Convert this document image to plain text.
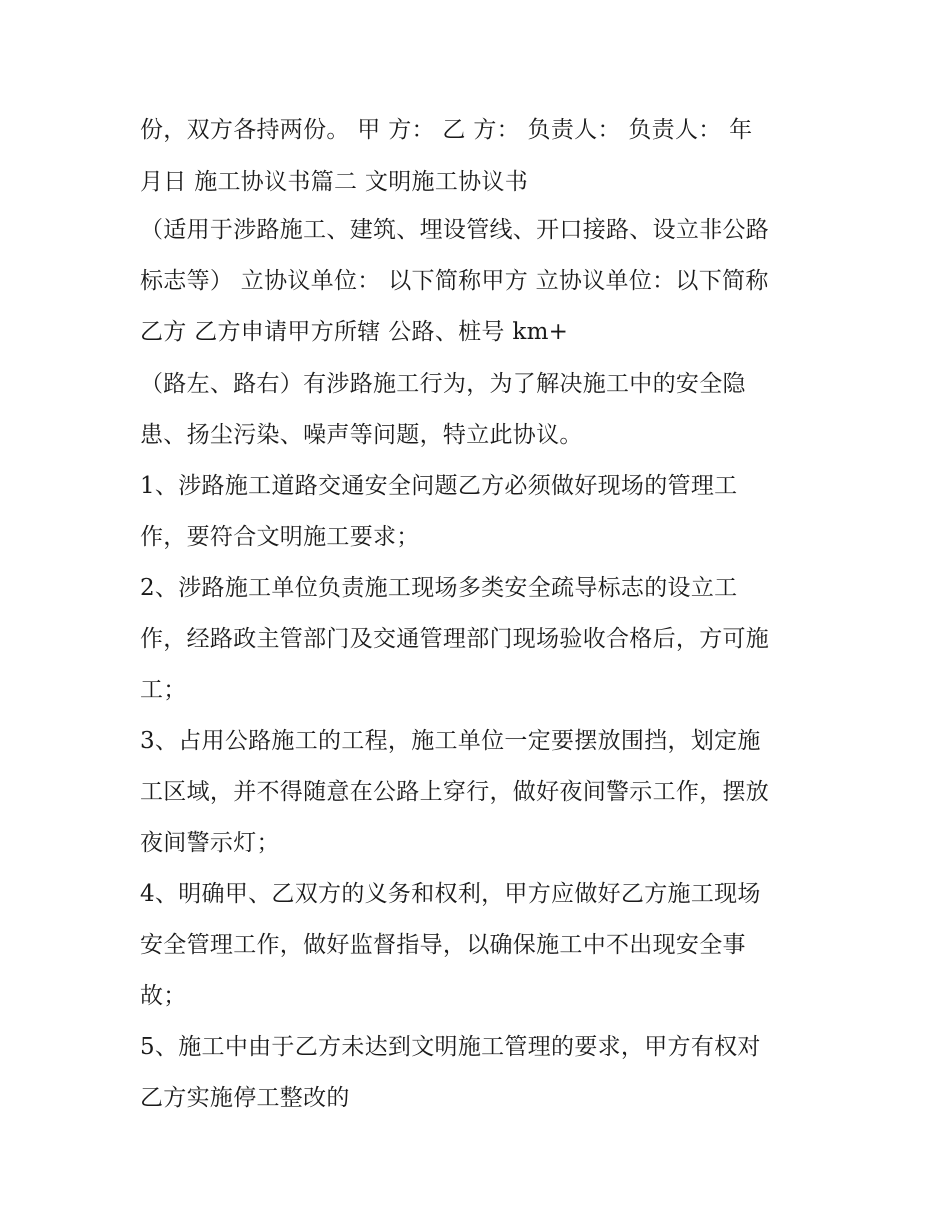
份，双方各持两份。 甲 方： 乙 方： 负责人： 负责人： 年

月日 施工协议书篇二 文明施工协议书

（适用于涉路施工、建筑、埋设管线、开口接路、设立非公路

标志等） 立协议单位： 以下简称甲方 立协议单位：以下简称

乙方 乙方申请甲方所辖 公路、桩号 km+

（路左、路右）有涉路施工行为，为了解决施工中的安全隐

患、扬尘污染、噪声等问题，特立此协议。

1、涉路施工道路交通安全问题乙方必须做好现场的管理工

作，要符合文明施工要求；

2、涉路施工单位负责施工现场多类安全疏导标志的设立工

作，经路政主管部门及交通管理部门现场验收合格后，方可施

工；

3、占用公路施工的工程，施工单位一定要摆放围挡，划定施

工区域，并不得随意在公路上穿行，做好夜间警示工作，摆放

夜间警示灯；

4、明确甲、乙双方的义务和权利，甲方应做好乙方施工现场

安全管理工作，做好监督指导，以确保施工中不出现安全事

故；

5、施工中由于乙方未达到文明施工管理的要求，甲方有权对

乙方实施停工整改的
